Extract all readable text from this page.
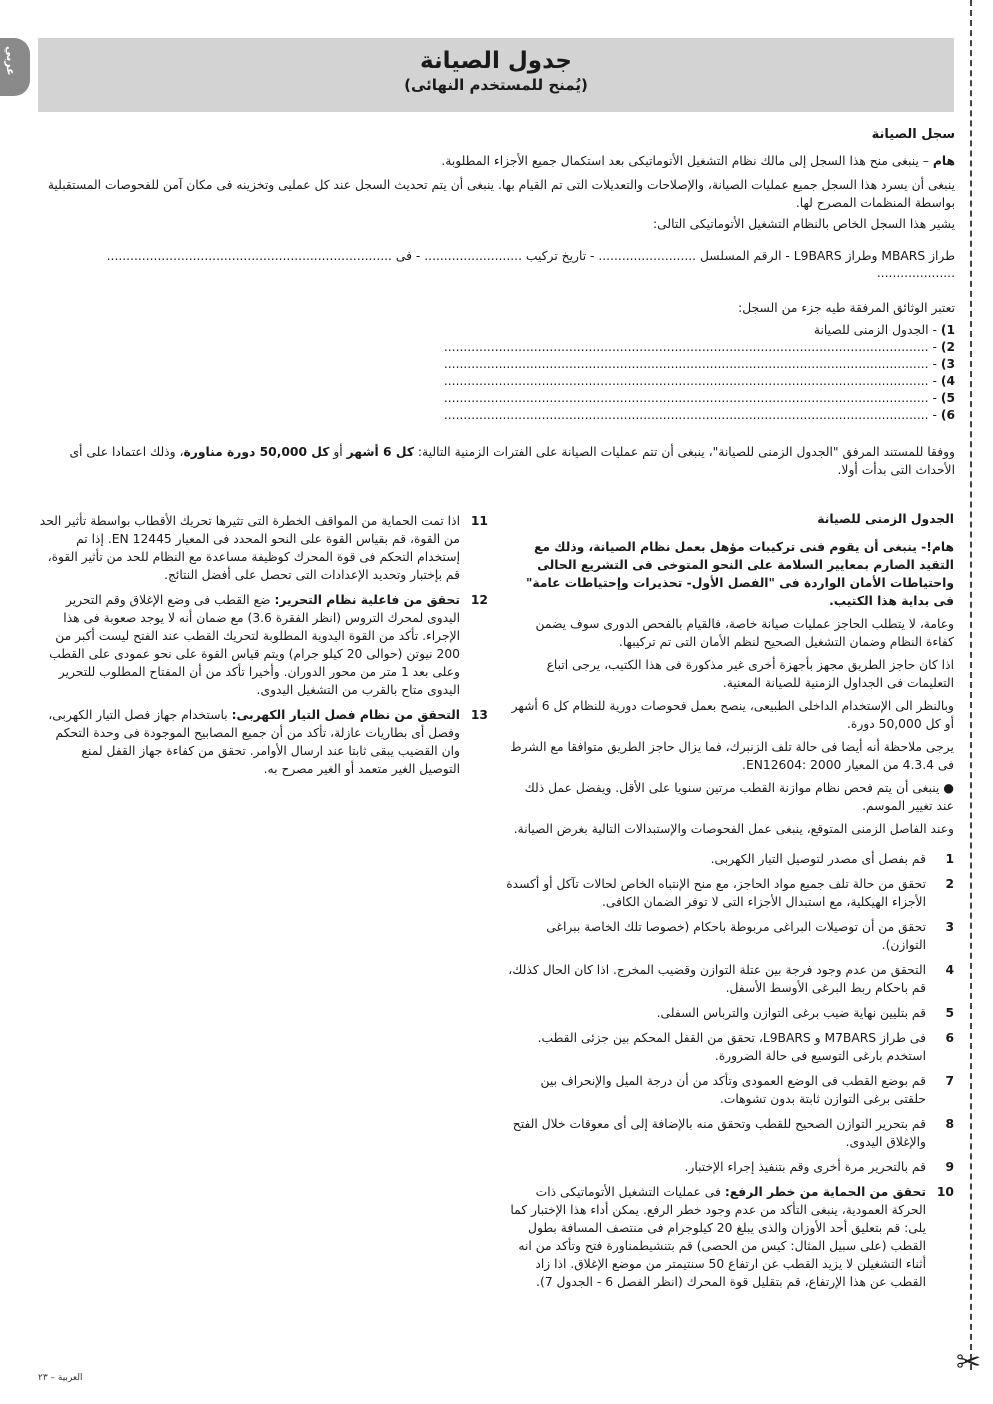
عربي	جدول الصيانة
(يُمنح للمستخدم النهائى)
✂
سجل الصيانة
هام – ينبغى منح هذا السجل إلى مالك نظام التشغيل الأتوماتيكى بعد استكمال جميع الأجزاء المطلوبة.
ينبغى أن يسرد هذا السجل جميع عمليات الصيانة، والإصلاحات والتعديلات التى تم القيام بها. ينبغى أن يتم تحديث السجل عند كل عمليى وتخزينه فى مكان آمن للفحوصات المستقبلية بواسطة المنظمات المصرح لها.
يشير هذا السجل الخاص بالنظام التشغيل الأتوماتيكى التالى:
طراز MBARS وطراز L9BARS - الرقم المسلسل ......................... - تاريخ تركيب ......................... - فى .........................................................................
....................
تعتبر الوثائق المرفقة طيه جزء من السجل:
1) - الجدول الزمنى للصيانة
2) - ............................................................................................................................
3) - ............................................................................................................................
4) - ............................................................................................................................
5) - ............................................................................................................................
6) - ............................................................................................................................
ووفقا للمستند المرفق "الجدول الزمنى للصيانة"، ينبغى أن تتم عمليات الصيانة على الفترات الزمنية التالية: كل 6 أشهر أو كل 50,000 دورة مناورة، وذلك اعتمادا على أى الأحداث التى بدأت أولا.

الجدول الزمنى للصيانة

هام!- ينبغى أن يقوم فنى تركيبات مؤهل بعمل نظام الصيانة، وذلك مع التقيد الصارم بمعايير السلامة على النحو المتوخى فى التشريع الحالى واحتياطات الأمان الواردة فى "الفصل الأول- تحذيرات وإحتياطات عامة" فى بداية هذا الكتيب.

وعامة، لا يتطلب الحاجز عمليات صيانة خاصة، فالقيام بالفحص الدورى سوف يضمن كفاءة النظام وضمان التشغيل الصحيح لنظم الأمان التى تم تركيبها.

اذا كان حاجز الطريق مجهز بأجهزة أخرى غير مذكورة فى هذا الكتيب، يرجى اتباع التعليمات فى الجداول الزمنية للصيانة المعنية.

وبالنظر الى الإستخدام الداخلى الطبيعى، ينصح بعمل فحوصات دورية للنظام كل 6 أشهر أو كل 50,000 دورة.

يرجى ملاحظة أنه أيضا فى حالة تلف الزنبرك، فما يزال حاجز الطريق متوافقا مع الشرط فى 4.3.4 من المعيار EN12604: 2000.

● ينبغى أن يتم فحص نظام موازنة القطب مرتين سنويا على الأقل. ويفضل عمل ذلك عند تغيير الموسم.

وعند الفاصل الزمنى المتوقع، ينبغى عمل الفحوصات والإستبدالات التالية بغرض الصيانة.

1
قم بفصل أى مصدر لتوصيل التيار الكهربى.
2
تحقق من حالة تلف جميع مواد الحاجز، مع منح الإنتباه الخاص لحالات تآكل أو أكسدة الأجزاء الهيكلية، مع استبدال الأجزاء التى لا توفر الضمان الكافى.
3
تحقق من أن توصيلات البراغى مربوطة باحكام (خصوصا تلك الخاصة ببراغى التوازن).
4
التحقق من عدم وجود فرجة بين عتلة التوازن وقضيب المخرج. اذا كان الحال كذلك، قم باحكام ربط البرغى الأوسط الأسفل.
5
قم بتليين نهاية ضيب برغى التوازن والترباس السفلى.
6
فى طراز M7BARS و L9BARS، تحقق من القفل المحكم بين جزئى القطب. استخدم بارغى التوسيع فى حالة الضرورة.
7
قم بوضع القطب فى الوضع العمودى وتأكد من أن درجة الميل والإنحراف بين حلقتى برغى التوازن ثابتة بدون تشوهات.
8
قم بتحرير التوازن الصحيح للقطب وتحقق منه بالإضافة إلى أى معوقات خلال الفتح والإغلاق اليدوى.
9
قم بالتحرير مرة أخرى وقم بتنفيذ إجراء الإختبار.
10
تحقق من الحماية من خطر الرفع: فى عمليات التشغيل الأتوماتيكى ذات الحركة العمودية، ينبغى التأكد من عدم وجود خطر الرفع. يمكن أداء هذا الإختبار كما يلى: قم بتعليق أحد الأوزان والذى يبلغ 20 كيلوجرام فى منتصف المسافة بطول القطب (على سبيل المثال: كيس من الحصى) قم بتنشيطمناورة فتح وتأكد من انه أثناء التشغيلن لا يزيد القطب عن ارتفاع 50 سنتيمتر من موضع الإغلاق. اذا زاد القطب عن هذا الإرتفاع، قم بتقليل قوة المحرك (انظر الفصل 6 - الجدول 7).
11
اذا تمت الحماية من المواقف الخطرة التى تثيرها تحريك الأقطاب بواسطة تأثير الحد من القوة، قم بقياس القوة على النحو المحدد فى المعيار EN 12445. إذا تم إستخدام التحكم فى قوة المحرك كوظيفة مساعدة مع النظام للحد من تأثير القوة، قم بإختبار وتحديد الإعدادات التى تحصل على أفضل النتائج.
12
تحقق من فاعلية نظام التحرير: ضع القطب فى وضع الإغلاق وقم التحرير اليدوى لمحرك التروس (انظر الفقرة 3.6) مع ضمان أنه لا يوجد صعوبة فى هذا الإجراء. تأكد من القوة اليدوية المطلوبة لتحريك القطب عند الفتح ليست أكبر من 200 نيوتن (حوالى 20 كيلو جرام) ويتم قياس القوة على نحو عمودى على القطب وعلى بعد 1 متر من محور الدوران. وأخيرا تأكد من أن المفتاح المطلوب للتحرير اليدوى متاح بالقرب من التشغيل اليدوى.
13
التحقق من نظام فصل التيار الكهربى: باستخدام جهاز فصل التيار الكهربى، وفصل أى بطاريات عازلة، تأكد من أن جميع المصابيح الموجودة فى وحدة التحكم وان القضيب يبقى ثابتا عند ارسال الأوامر. تحقق من كفاءة جهاز القفل لمنع التوصيل الغير متعمد أو الغير مصرح به.
العربية – ٢٣
